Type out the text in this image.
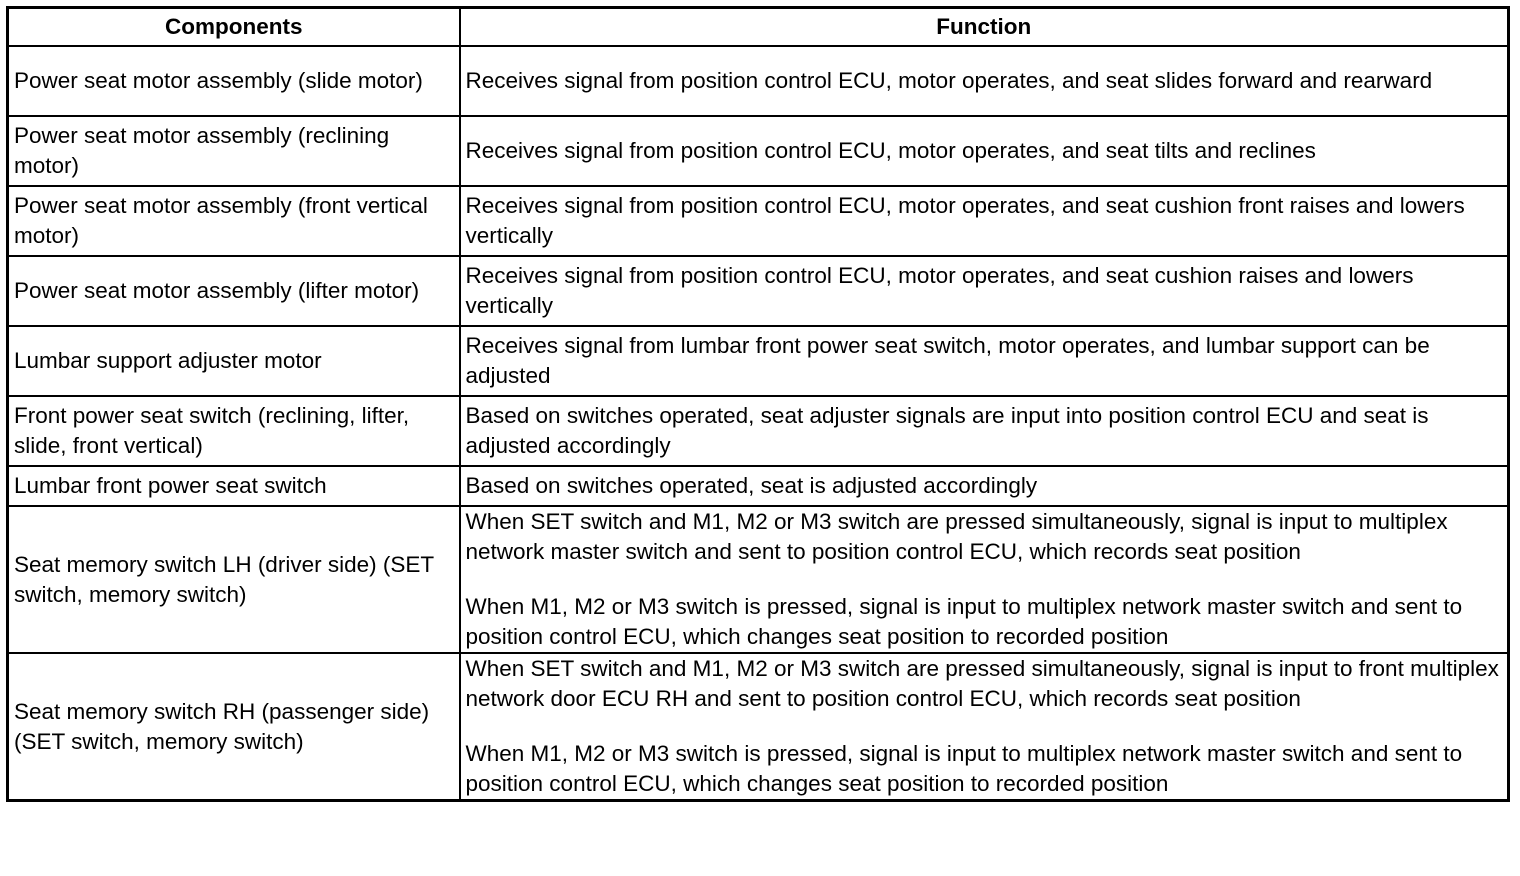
Components	Function
Power seat motor assembly (slide motor)	Receives signal from position control ECU, motor operates, and seat slides forward and rearward

Power seat motor assembly (reclining motor)	Receives signal from position control ECU, motor operates, and seat tilts and reclines

Power seat motor assembly (front vertical motor)	Receives signal from position control ECU, motor operates, and seat cushion front raises and lowers vertically

Power seat motor assembly (lifter motor)	Receives signal from position control ECU, motor operates, and seat cushion raises and lowers vertically

Lumbar support adjuster motor	Receives signal from lumbar front power seat switch, motor operates, and lumbar support can be adjusted

Front power seat switch (reclining, lifter, slide, front vertical)	Based on switches operated, seat adjuster signals are input into position control ECU and seat is adjusted accordingly

Lumbar front power seat switch	Based on switches operated, seat is adjusted accordingly

Seat memory switch LH (driver side) (SET switch, memory switch)	When SET switch and M1, M2 or M3 switch are pressed simultaneously, signal is input to multiplex network master switch and sent to position control ECU, which records seat position
When M1, M2 or M3 switch is pressed, signal is input to multiplex network master switch and sent to position control ECU, which changes seat position to recorded position

Seat memory switch RH (passenger side) (SET switch, memory switch)	When SET switch and M1, M2 or M3 switch are pressed simultaneously, signal is input to front multiplex network door ECU RH and sent to position control ECU, which records seat position
When M1, M2 or M3 switch is pressed, signal is input to multiplex network master switch and sent to position control ECU, which changes seat position to recorded position
